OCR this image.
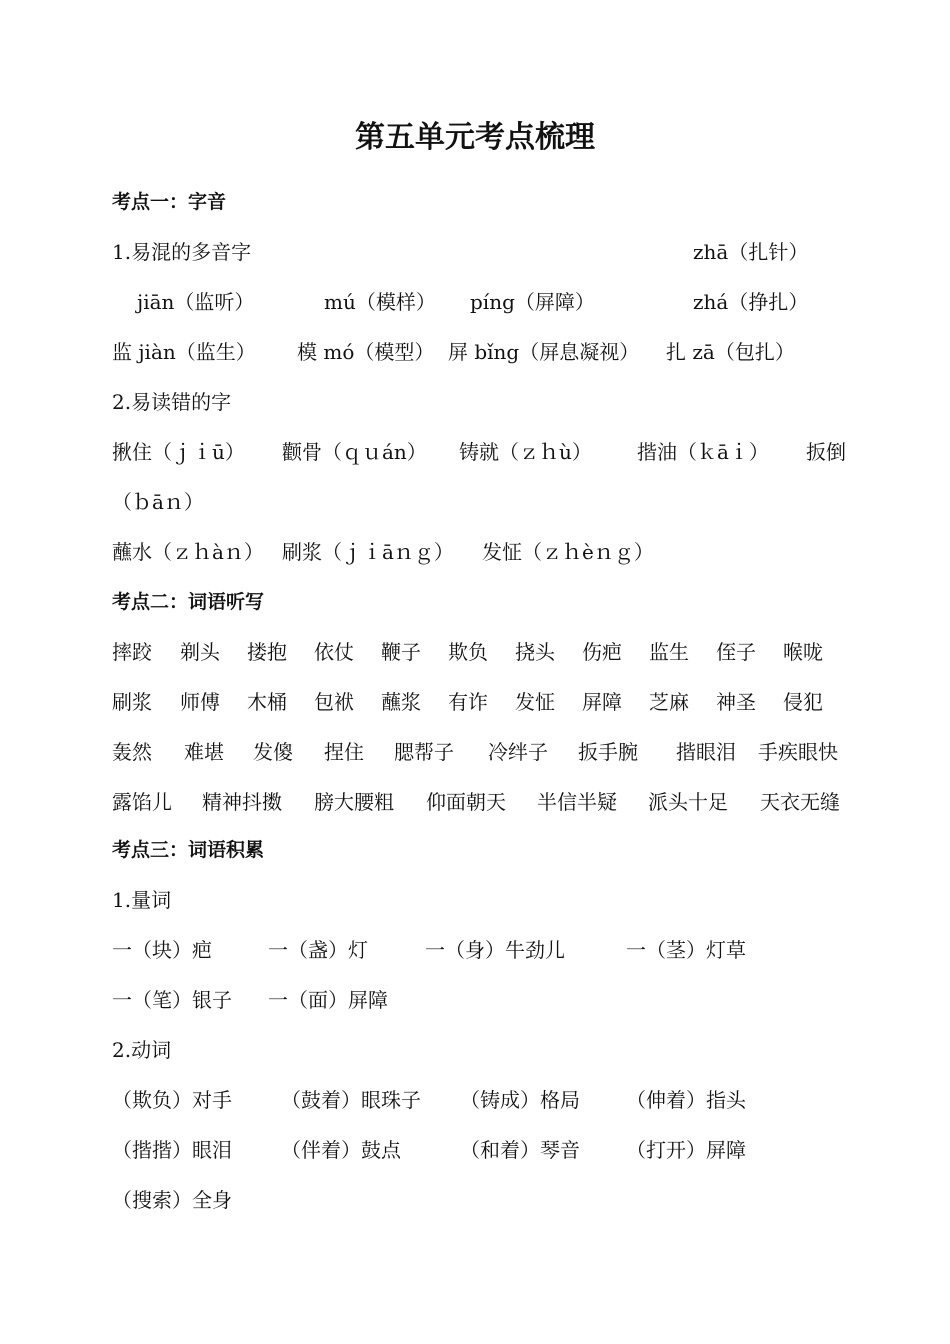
第五单元考点梳理
考点一：字音
1.易混的多音字	zhā（扎针）
jiān（监听）	mú（模样） píng（屏障）	zhá（挣扎）
监 jiàn（监生） 模 mó（模型） 屏 bǐng（屏息凝视） 扎 zā（包扎）
2.易读错的字
揪住（ｊｉū） 颧骨（ｑｕán） 铸就（ｚｈù） 揩油（ｋāｉ） 扳倒
（ｂāｎ）
蘸水（ｚｈàｎ） 刷浆（ｊｉāｎｇ） 发怔（ｚｈèｎｇ）
考点二：词语听写
摔跤 剃头 搂抱 依仗 鞭子 欺负 挠头 伤疤 监生 侄子 喉咙
刷浆 师傅 木桶 包袱 蘸浆 有诈 发怔 屏障 芝麻 神圣 侵犯
轰然 难堪 发傻 捏住 腮帮子 冷绊子 扳手腕 揩眼泪 手疾眼快
露馅儿 精神抖擞 膀大腰粗 仰面朝天 半信半疑 派头十足 天衣无缝
考点三：词语积累
1.量词
一（块）疤	一（盏）灯	一（身）牛劲儿	一（茎）灯草
一（笔）银子 一（面）屏障
2.动词
（欺负）对手 （鼓着）眼珠子 （铸成）格局 （伸着）指头
（揩揩）眼泪 （伴着）鼓点	（和着）琴音 （打开）屏障
（搜索）全身
